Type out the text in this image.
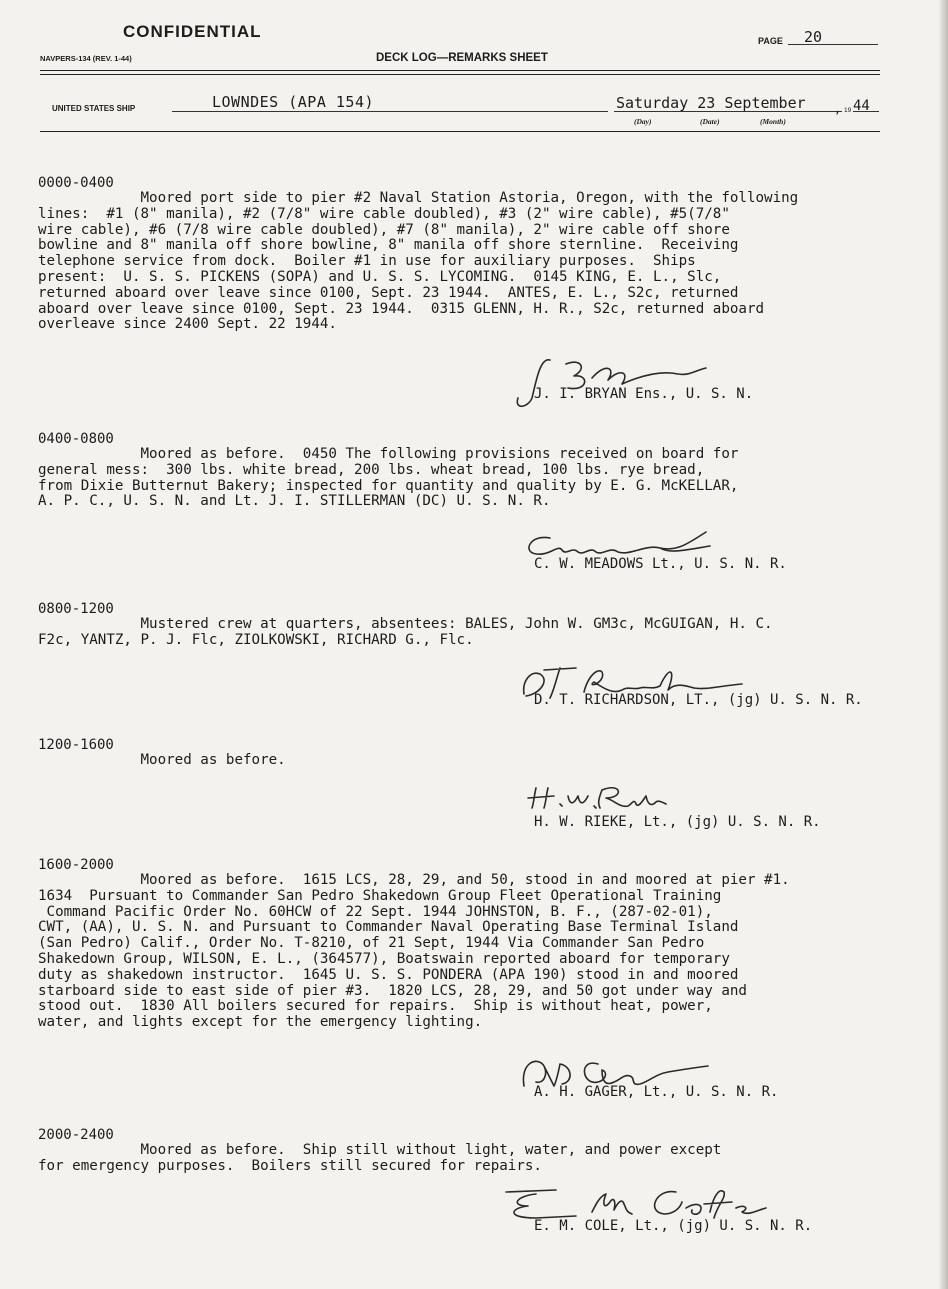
CONFIDENTIAL	PAGE	20
NAVPERS-134 (REV. 1-44)	DECK LOG—REMARKS SHEET
UNITED STATES SHIP	LOWNDES (APA 154)	Saturday 23 September , 19 44
(Day)	(Date)	(Month)
0000-0400
Moored port side to pier #2 Naval Station Astoria, Oregon, with the following
lines:  #1 (8" manila), #2 (7/8" wire cable doubled), #3 (2" wire cable), #5(7/8"
wire cable), #6 (7/8 wire cable doubled), #7 (8" manila), 2" wire cable off shore
bowline and 8" manila off shore bowline, 8" manila off shore sternline.  Receiving
telephone service from dock.  Boiler #1 in use for auxiliary purposes.  Ships
present:  U. S. S. PICKENS (SOPA) and U. S. S. LYCOMING.  0145 KING, E. L., Slc,
returned aboard over leave since 0100, Sept. 23 1944.  ANTES, E. L., S2c, returned
aboard over leave since 0100, Sept. 23 1944.  0315 GLENN, H. R., S2c, returned aboard
overleave since 2400 Sept. 22 1944.
J. I. BRYAN Ens., U. S. N.
0400-0800
Moored as before.  0450 The following provisions received on board for
general mess:  300 lbs. white bread, 200 lbs. wheat bread, 100 lbs. rye bread,
from Dixie Butternut Bakery; inspected for quantity and quality by E. G. McKELLAR,
A. P. C., U. S. N. and Lt. J. I. STILLERMAN (DC) U. S. N. R.
C. W. MEADOWS Lt., U. S. N. R.
0800-1200
Mustered crew at quarters, absentees: BALES, John W. GM3c, McGUIGAN, H. C.
F2c, YANTZ, P. J. Flc, ZIOLKOWSKI, RICHARD G., Flc.
D. T. RICHARDSON, LT., (jg) U. S. N. R.
1200-1600
Moored as before.
H. W. RIEKE, Lt., (jg) U. S. N. R.
1600-2000
Moored as before.  1615 LCS, 28, 29, and 50, stood in and moored at pier #1.
1634  Pursuant to Commander San Pedro Shakedown Group Fleet Operational Training
Command Pacific Order No. 60HCW of 22 Sept. 1944 JOHNSTON, B. F., (287-02-01),
CWT, (AA), U. S. N. and Pursuant to Commander Naval Operating Base Terminal Island
(San Pedro) Calif., Order No. T-8210, of 21 Sept, 1944 Via Commander San Pedro
Shakedown Group, WILSON, E. L., (364577), Boatswain reported aboard for temporary
duty as shakedown instructor.  1645 U. S. S. PONDERA (APA 190) stood in and moored
starboard side to east side of pier #3.  1820 LCS, 28, 29, and 50 got under way and
stood out.  1830 All boilers secured for repairs.  Ship is without heat, power,
water, and lights except for the emergency lighting.
A. H. GAGER, Lt., U. S. N. R.
2000-2400
Moored as before.  Ship still without light, water, and power except
for emergency purposes.  Boilers still secured for repairs.
E. M. COLE, Lt., (jg) U. S. N. R.
